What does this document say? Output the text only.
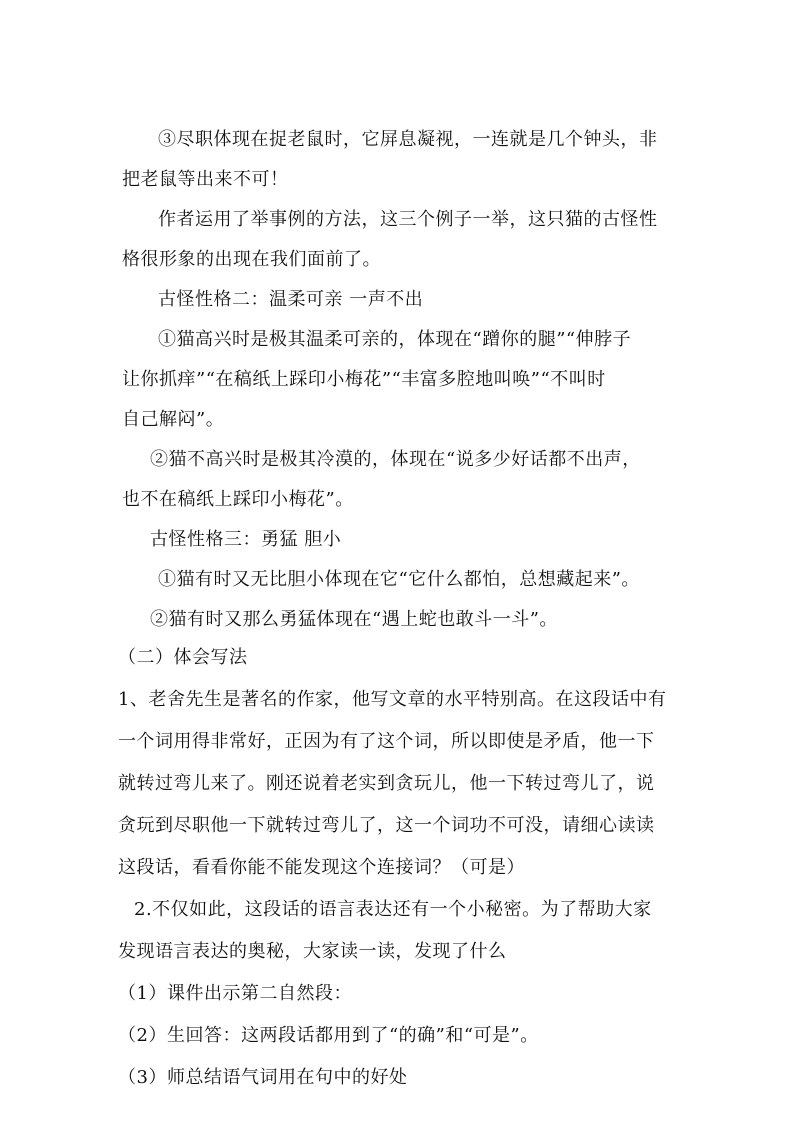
③尽职体现在捉老鼠时，它屏息凝视，一连就是几个钟头，非
把老鼠等出来不可！
作者运用了举事例的方法，这三个例子一举，这只猫的古怪性
格很形象的出现在我们面前了。
古怪性格二：温柔可亲 一声不出
①猫高兴时是极其温柔可亲的，体现在“蹭你的腿”“伸脖子
让你抓痒”“在稿纸上踩印小梅花”“丰富多腔地叫唤”“不叫时
自己解闷”。
②猫不高兴时是极其冷漠的，体现在“说多少好话都不出声，
也不在稿纸上踩印小梅花”。
古怪性格三：勇猛 胆小
①猫有时又无比胆小体现在它“它什么都怕，总想藏起来”。
②猫有时又那么勇猛体现在“遇上蛇也敢斗一斗”。
（二）体会写法
1、老舍先生是著名的作家，他写文章的水平特别高。在这段话中有
一个词用得非常好，正因为有了这个词，所以即使是矛盾，他一下
就转过弯儿来了。刚还说着老实到贪玩儿，他一下转过弯儿了，说
贪玩到尽职他一下就转过弯儿了，这一个词功不可没，请细心读读
这段话，看看你能不能发现这个连接词？（可是）
2.不仅如此，这段话的语言表达还有一个小秘密。为了帮助大家
发现语言表达的奥秘，大家读一读，发现了什么
（1）课件出示第二自然段：
（2）生回答：这两段话都用到了“的确”和“可是”。
（3）师总结语气词用在句中的好处
